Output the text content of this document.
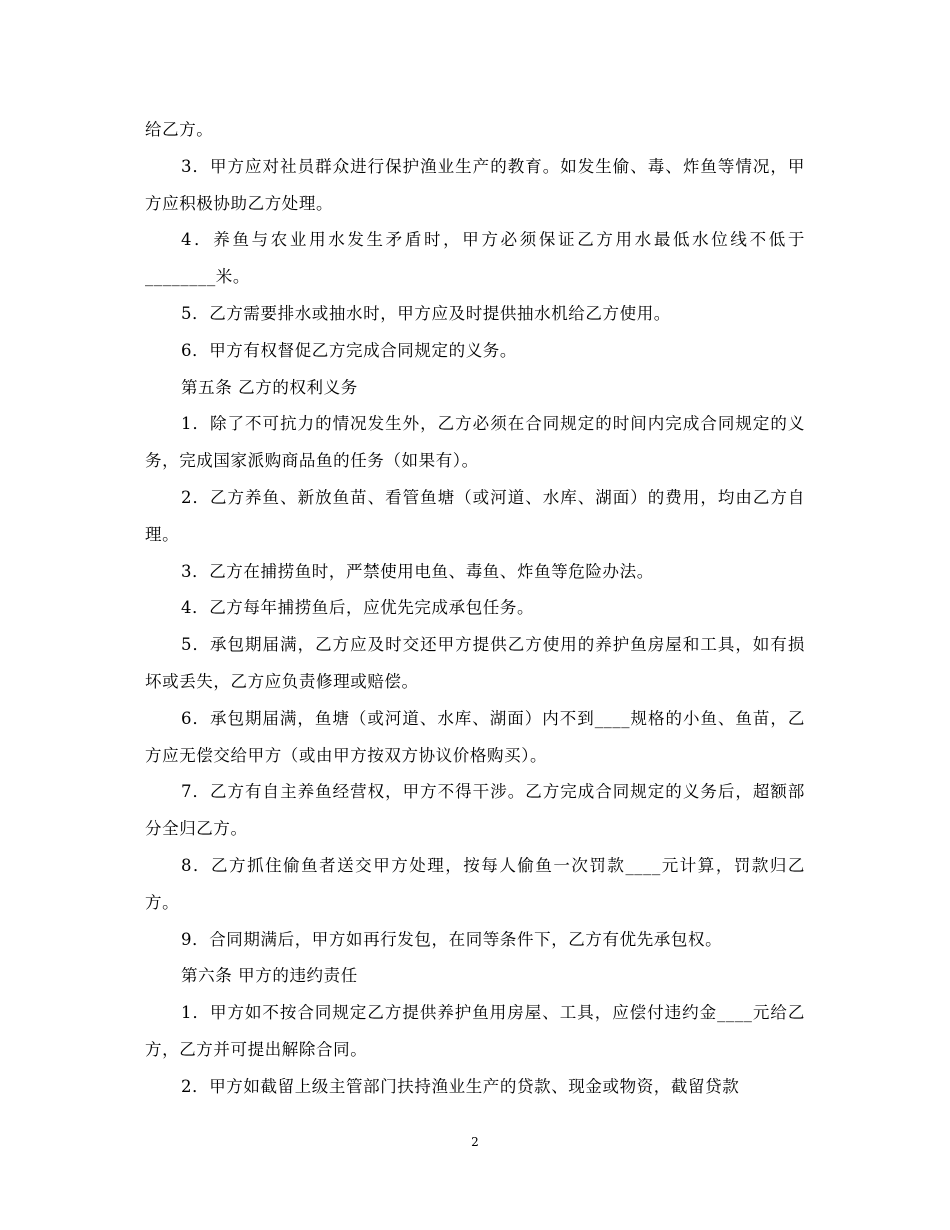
给乙方。

3．甲方应对社员群众进行保护渔业生产的教育。如发生偷、毒、炸鱼等情况，甲方应积极协助乙方处理。

4．养鱼与农业用水发生矛盾时，甲方必须保证乙方用水最低水位线不低于________米。

5．乙方需要排水或抽水时，甲方应及时提供抽水机给乙方使用。

6．甲方有权督促乙方完成合同规定的义务。

第五条 乙方的权利义务

1．除了不可抗力的情况发生外，乙方必须在合同规定的时间内完成合同规定的义务，完成国家派购商品鱼的任务（如果有）。

2．乙方养鱼、新放鱼苗、看管鱼塘（或河道、水库、湖面）的费用，均由乙方自理。

3．乙方在捕捞鱼时，严禁使用电鱼、毒鱼、炸鱼等危险办法。

4．乙方每年捕捞鱼后，应优先完成承包任务。

5．承包期届满，乙方应及时交还甲方提供乙方使用的养护鱼房屋和工具，如有损坏或丢失，乙方应负责修理或赔偿。

6．承包期届满，鱼塘（或河道、水库、湖面）内不到____规格的小鱼、鱼苗，乙方应无偿交给甲方（或由甲方按双方协议价格购买）。

7．乙方有自主养鱼经营权，甲方不得干涉。乙方完成合同规定的义务后，超额部分全归乙方。

8．乙方抓住偷鱼者送交甲方处理，按每人偷鱼一次罚款____元计算，罚款归乙方。

9．合同期满后，甲方如再行发包，在同等条件下，乙方有优先承包权。

第六条 甲方的违约责任

1．甲方如不按合同规定乙方提供养护鱼用房屋、工具，应偿付违约金____元给乙方，乙方并可提出解除合同。

2．甲方如截留上级主管部门扶持渔业生产的贷款、现金或物资，截留贷款

2
